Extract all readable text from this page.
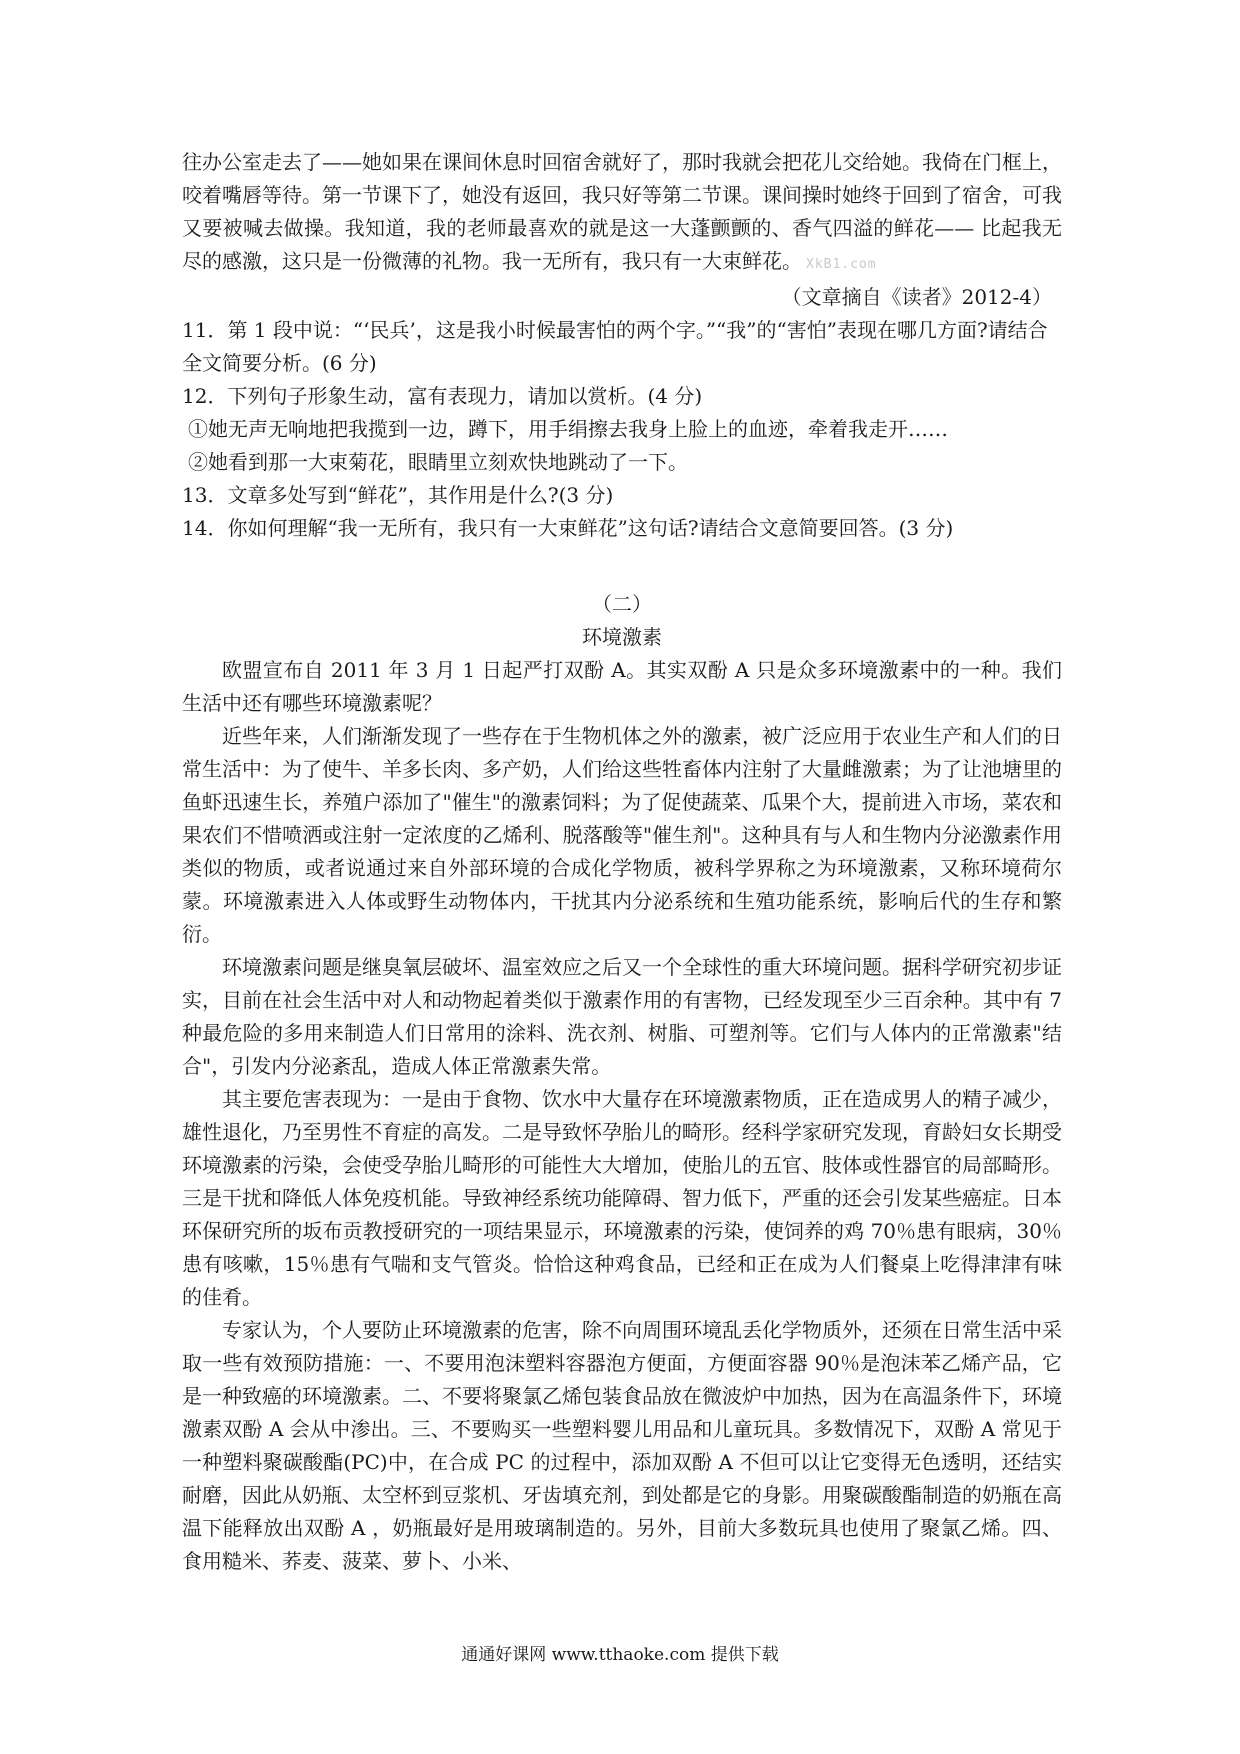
往办公室走去了——她如果在课间休息时回宿舍就好了，那时我就会把花儿交给她。我倚在门框上，咬着嘴唇等待。第一节课下了，她没有返回，我只好等第二节课。课间操时她终于回到了宿舍，可我又要被喊去做操。我知道，我的老师最喜欢的就是这一大蓬颤颤的、香气四溢的鲜花—— 比起我无尽的感激，这只是一份微薄的礼物。我一无所有，我只有一大束鲜花。 XkB1.com

（文章摘自《读者》2012-4）

11．第 1 段中说：“‘民兵’，这是我小时候最害怕的两个字。”“我”的“害怕”表现在哪几方面?请结合全文简要分析。(6 分)

12．下列句子形象生动，富有表现力，请加以赏析。(4 分)

①她无声无响地把我揽到一边，蹲下，用手绢擦去我身上脸上的血迹，牵着我走开……

②她看到那一大束菊花，眼睛里立刻欢快地跳动了一下。

13．文章多处写到“鲜花”，其作用是什么?(3 分)

14．你如何理解“我一无所有，我只有一大束鲜花”这句话?请结合文意简要回答。(3 分)

（二）

环境激素

欧盟宣布自 2011 年 3 月 1 日起严打双酚 A。其实双酚 A 只是众多环境激素中的一种。我们生活中还有哪些环境激素呢？

近些年来，人们渐渐发现了一些存在于生物机体之外的激素，被广泛应用于农业生产和人们的日常生活中：为了使牛、羊多长肉、多产奶，人们给这些牲畜体内注射了大量雌激素；为了让池塘里的鱼虾迅速生长，养殖户添加了"催生"的激素饲料；为了促使蔬菜、瓜果个大，提前进入市场，菜农和果农们不惜喷洒或注射一定浓度的乙烯利、脱落酸等"催生剂"。这种具有与人和生物内分泌激素作用类似的物质，或者说通过来自外部环境的合成化学物质，被科学界称之为环境激素，又称环境荷尔蒙。环境激素进入人体或野生动物体内，干扰其内分泌系统和生殖功能系统，影响后代的生存和繁衍。

环境激素问题是继臭氧层破坏、温室效应之后又一个全球性的重大环境问题。据科学研究初步证实，目前在社会生活中对人和动物起着类似于激素作用的有害物，已经发现至少三百余种。其中有 7 种最危险的多用来制造人们日常用的涂料、洗衣剂、树脂、可塑剂等。它们与人体内的正常激素"结合"，引发内分泌紊乱，造成人体正常激素失常。

其主要危害表现为：一是由于食物、饮水中大量存在环境激素物质，正在造成男人的精子减少，雄性退化，乃至男性不育症的高发。二是导致怀孕胎儿的畸形。经科学家研究发现，育龄妇女长期受环境激素的污染，会使受孕胎儿畸形的可能性大大增加，使胎儿的五官、肢体或性器官的局部畸形。三是干扰和降低人体免疫机能。导致神经系统功能障碍、智力低下，严重的还会引发某些癌症。日本环保研究所的坂布贡教授研究的一项结果显示，环境激素的污染，使饲养的鸡 70％患有眼病，30％患有咳嗽，15％患有气喘和支气管炎。恰恰这种鸡食品，已经和正在成为人们餐桌上吃得津津有味的佳肴。

专家认为，个人要防止环境激素的危害，除不向周围环境乱丢化学物质外，还须在日常生活中采取一些有效预防措施：一、不要用泡沫塑料容器泡方便面，方便面容器 90％是泡沫苯乙烯产品，它是一种致癌的环境激素。二、不要将聚氯乙烯包装食品放在微波炉中加热，因为在高温条件下，环境激素双酚 A 会从中渗出。三、不要购买一些塑料婴儿用品和儿童玩具。多数情况下，双酚 A 常见于一种塑料聚碳酸酯(PC)中，在合成 PC 的过程中，添加双酚 A 不但可以让它变得无色透明，还结实耐磨，因此从奶瓶、太空杯到豆浆机、牙齿填充剂，到处都是它的身影。用聚碳酸酯制造的奶瓶在高温下能释放出双酚 A ，奶瓶最好是用玻璃制造的。另外，目前大多数玩具也使用了聚氯乙烯。四、食用糙米、荞麦、菠菜、萝卜、小米、

通通好课网 www.tthaoke.com 提供下载
